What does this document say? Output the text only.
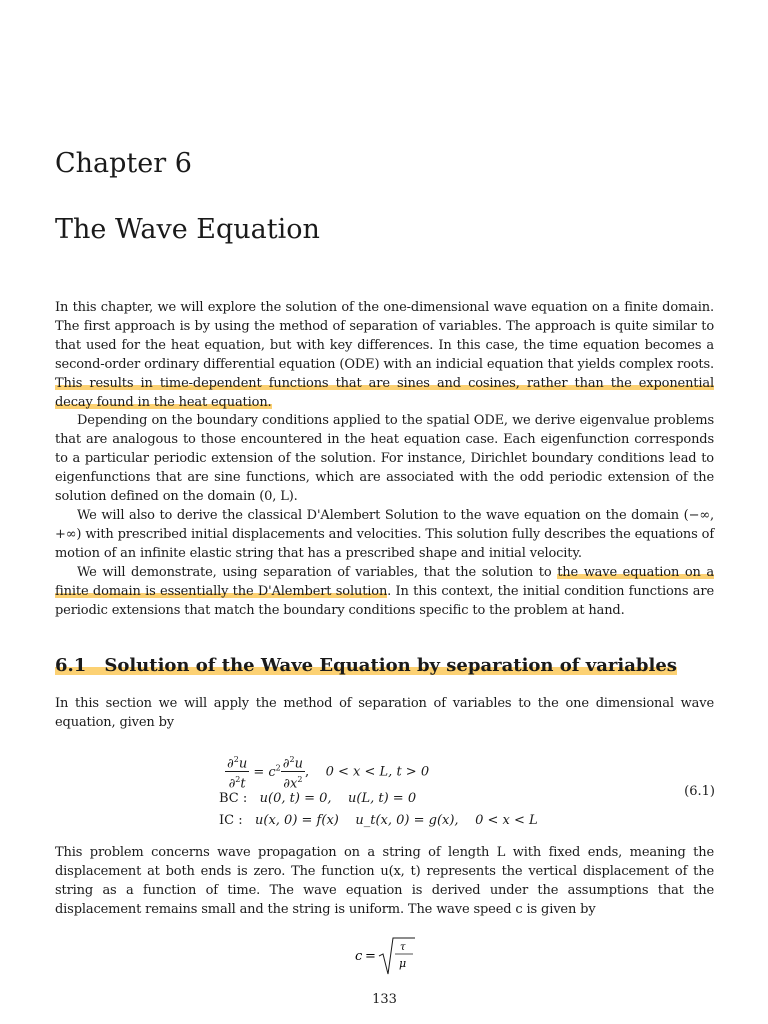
Chapter 6
The Wave Equation

In this chapter, we will explore the solution of the one-dimensional wave equation on a finite domain. The first approach is by using the method of separation of variables. The approach is quite similar to that used for the heat equation, but with key differences. In this case, the time equation becomes a second-order ordinary differential equation (ODE) with an indicial equation that yields complex roots. This results in time-dependent functions that are sines and cosines, rather than the exponential decay found in the heat equation.

Depending on the boundary conditions applied to the spatial ODE, we derive eigenvalue problems that are analogous to those encountered in the heat equation case. Each eigenfunction corresponds to a particular periodic extension of the solution. For instance, Dirichlet boundary conditions lead to eigenfunctions that are sine functions, which are associated with the odd periodic extension of the solution defined on the domain (0, L).

We will also to derive the classical D'Alembert Solution to the wave equation on the domain (−∞, +∞) with prescribed initial displacements and velocities. This solution fully describes the equations of motion of an infinite elastic string that has a prescribed shape and initial velocity.

We will demonstrate, using separation of variables, that the solution to the wave equation on a finite domain is essentially the D'Alembert solution. In this context, the initial condition functions are periodic extensions that match the boundary conditions specific to the problem at hand.

6.1 Solution of the Wave Equation by separation of variables
In this section we will apply the method of separation of variables to the one dimensional wave equation, given by
$\frac{\partial^2u}{\partial^2t} = c^2 \frac{\partial^2u}{\partial x^2}$ ,    0 < x < L, t > 0
BC : u(0, t) = 0,    u(L, t) = 0
IC : u(x, 0) = f(x)    u_t(x, 0) = g(x),    0 < x < L
(6.1)
This problem concerns wave propagation on a string of length L with fixed ends, meaning the displacement at both ends is zero. The function u(x, t) represents the vertical displacement of the string as a function of time. The wave equation is derived under the assumptions that the displacement remains small and the string is uniform. The wave speed c is given by
c =
τ
μ
133
